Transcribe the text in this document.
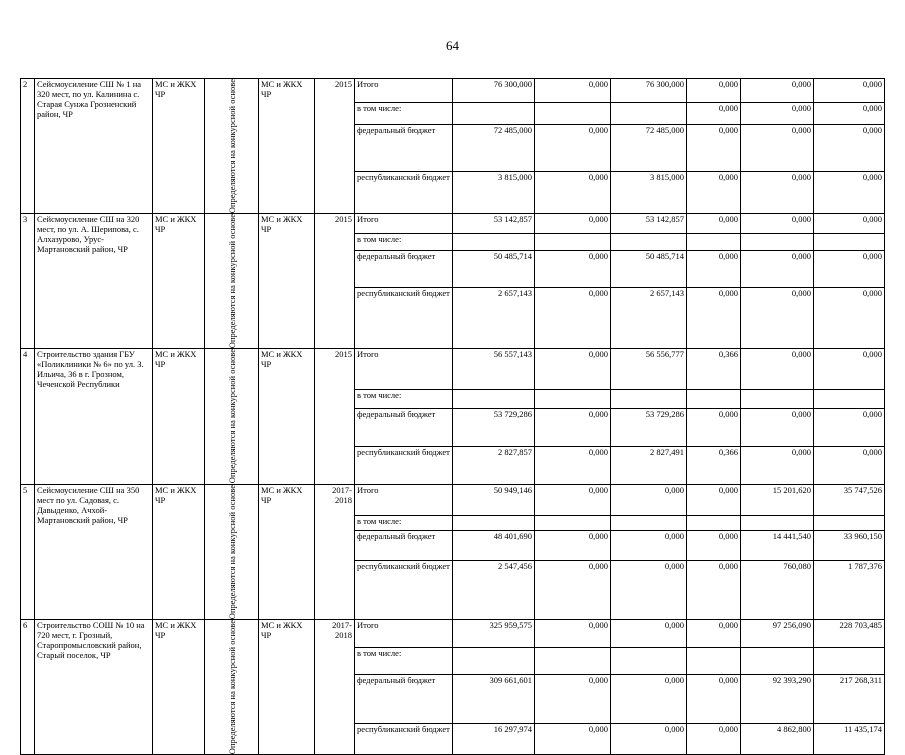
64
2	Сейсмоусиление СШ № 1 на 320 мест, по ул. Калинина с. Старая Сунжа Грозненский район, ЧР	МС и ЖКХ ЧР	Определяются на конкурсной основе	МС и ЖКХ ЧР	2015	Итого	76 300,000	0,000	76 300,000	0,000	0,000	0,000
						в том числе:				0,000	0,000	0,000
						федеральный бюджет	72 485,000	0,000	72 485,000	0,000	0,000	0,000
						республиканский бюджет	3 815,000	0,000	3 815,000	0,000	0,000	0,000
3	Сейсмоусиление СШ на 320 мест, по ул. А. Шерипова, с. Алхазурово, Урус-Мартановский район, ЧР	МС и ЖКХ ЧР	Определяются на конкурсной основе	МС и ЖКХ ЧР	2015	Итого	53 142,857	0,000	53 142,857	0,000	0,000	0,000
						в том числе:						
						федеральный бюджет	50 485,714	0,000	50 485,714	0,000	0,000	0,000
						республиканский бюджет	2 657,143	0,000	2 657,143	0,000	0,000	0,000
4	Строительство здания ГБУ «Поликлиники № 6» по ул. З. Ильича, 36 в г. Грозном, Чеченской Республики	МС и ЖКХ ЧР	Определяются на конкурсной основе	МС и ЖКХ ЧР	2015	Итого	56 557,143	0,000	56 556,777	0,366	0,000	0,000
						в том числе:						
						федеральный бюджет	53 729,286	0,000	53 729,286	0,000	0,000	0,000
						республиканский бюджет	2 827,857	0,000	2 827,491	0,366	0,000	0,000
5	Сейсмоусиление СШ на 350 мест по ул. Садовая, с. Давыденко, Ачхой-Мартановский район, ЧР	МС и ЖКХ ЧР	Определяются на конкурсной основе	МС и ЖКХ ЧР	2017-2018	Итого	50 949,146	0,000	0,000	0,000	15 201,620	35 747,526
						в том числе:						
						федеральный бюджет	48 401,690	0,000	0,000	0,000	14 441,540	33 960,150
						республиканский бюджет	2 547,456	0,000	0,000	0,000	760,080	1 787,376
6	Строительство СОШ № 10 на 720 мест, г. Грозный, Старопромысловский район, Старый поселок, ЧР	МС и ЖКХ ЧР	Определяются на конкурсной основе	МС и ЖКХ ЧР	2017-2018	Итого	325 959,575	0,000	0,000	0,000	97 256,090	228 703,485
						в том числе:						
						федеральный бюджет	309 661,601	0,000	0,000	0,000	92 393,290	217 268,311
						республиканский бюджет	16 297,974	0,000	0,000	0,000	4 862,800	11 435,174
